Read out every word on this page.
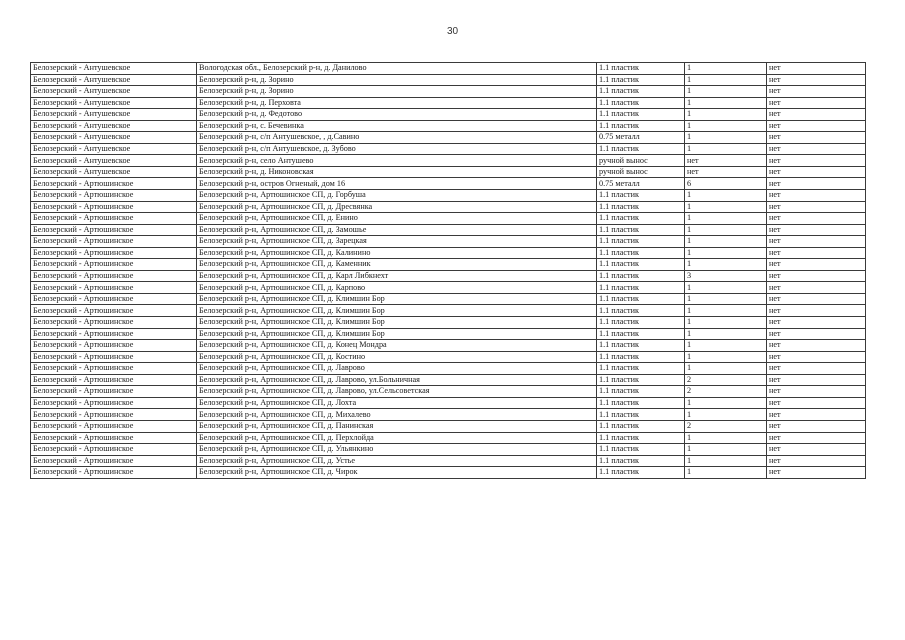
30
Белозерский - Антушевское	Вологодская обл., Белозерский р-н, д. Данилово	1.1 пластик	1	нет
Белозерский - Антушевское	Белозерский р-н, д. Зорино	1.1 пластик	1	нет
Белозерский - Антушевское	Белозерский р-н, д. Зорино	1.1 пластик	1	нет
Белозерский - Антушевское	Белозерский р-н, д. Перховта	1.1 пластик	1	нет
Белозерский - Антушевское	Белозерский р-н, д. Федотово	1.1 пластик	1	нет
Белозерский - Антушевское	Белозерский р-н, с. Бечевинка	1.1 пластик	1	нет
Белозерский - Антушевское	Белозерский р-н, с/п Антушевское, , д.Савино	0.75 металл	1	нет
Белозерский - Антушевское	Белозерский р-н, с/п Антушевское, д. Зубово	1.1 пластик	1	нет
Белозерский - Антушевское	Белозерский р-н, село Антушево	ручной вынос	нет	нет
Белозерский - Антушевское	Белозерский р-н, д. Никоновская	ручной вынос	нет	нет
Белозерский - Артюшинское	Белозерский р-н, остров Огненый, дом 16	0.75 металл	6	нет
Белозерский - Артюшинское	Белозерский р-н, Артюшинское СП, д. Горбуша	1.1 пластик	1	нет
Белозерский - Артюшинское	Белозерский р-н, Артюшинское СП, д. Дресвянка	1.1 пластик	1	нет
Белозерский - Артюшинское	Белозерский р-н, Артюшинское СП, д. Енино	1.1 пластик	1	нет
Белозерский - Артюшинское	Белозерский р-н, Артюшинское СП, д. Замошье	1.1 пластик	1	нет
Белозерский - Артюшинское	Белозерский р-н, Артюшинское СП, д. Зарецкая	1.1 пластик	1	нет
Белозерский - Артюшинское	Белозерский р-н, Артюшинское СП, д. Калинино	1.1 пластик	1	нет
Белозерский - Артюшинское	Белозерский р-н, Артюшинское СП, д. Каменник	1.1 пластик	1	нет
Белозерский - Артюшинское	Белозерский р-н, Артюшинское СП, д. Карл Либкнехт	1.1 пластик	3	нет
Белозерский - Артюшинское	Белозерский р-н, Артюшинское СП, д. Карпово	1.1 пластик	1	нет
Белозерский - Артюшинское	Белозерский р-н, Артюшинское СП, д. Климшин Бор	1.1 пластик	1	нет
Белозерский - Артюшинское	Белозерский р-н, Артюшинское СП, д. Климшин Бор	1.1 пластик	1	нет
Белозерский - Артюшинское	Белозерский р-н, Артюшинское СП, д. Климшин Бор	1.1 пластик	1	нет
Белозерский - Артюшинское	Белозерский р-н, Артюшинское СП, д. Климшин Бор	1.1 пластик	1	нет
Белозерский - Артюшинское	Белозерский р-н, Артюшинское СП, д. Конец Мондра	1.1 пластик	1	нет
Белозерский - Артюшинское	Белозерский р-н, Артюшинское СП, д. Костино	1.1 пластик	1	нет
Белозерский - Артюшинское	Белозерский р-н, Артюшинское СП, д. Лаврово	1.1 пластик	1	нет
Белозерский - Артюшинское	Белозерский р-н, Артюшинское СП, д. Лаврово, ул.Больничная	1.1 пластик	2	нет
Белозерский - Артюшинское	Белозерский р-н, Артюшинское СП, д. Лаврово, ул.Сельсоветская	1.1 пластик	2	нет
Белозерский - Артюшинское	Белозерский р-н, Артюшинское СП, д. Лохта	1.1 пластик	1	нет
Белозерский - Артюшинское	Белозерский р-н, Артюшинское СП, д. Михалево	1.1 пластик	1	нет
Белозерский - Артюшинское	Белозерский р-н, Артюшинское СП, д. Панинская	1.1 пластик	2	нет
Белозерский - Артюшинское	Белозерский р-н, Артюшинское СП, д. Перхлойда	1.1 пластик	1	нет
Белозерский - Артюшинское	Белозерский р-н, Артюшинское СП, д. Ульянкино	1.1 пластик	1	нет
Белозерский - Артюшинское	Белозерский р-н, Артюшинское СП, д. Устье	1.1 пластик	1	нет
Белозерский - Артюшинское	Белозерский р-н, Артюшинское СП, д. Чирок	1.1 пластик	1	нет
